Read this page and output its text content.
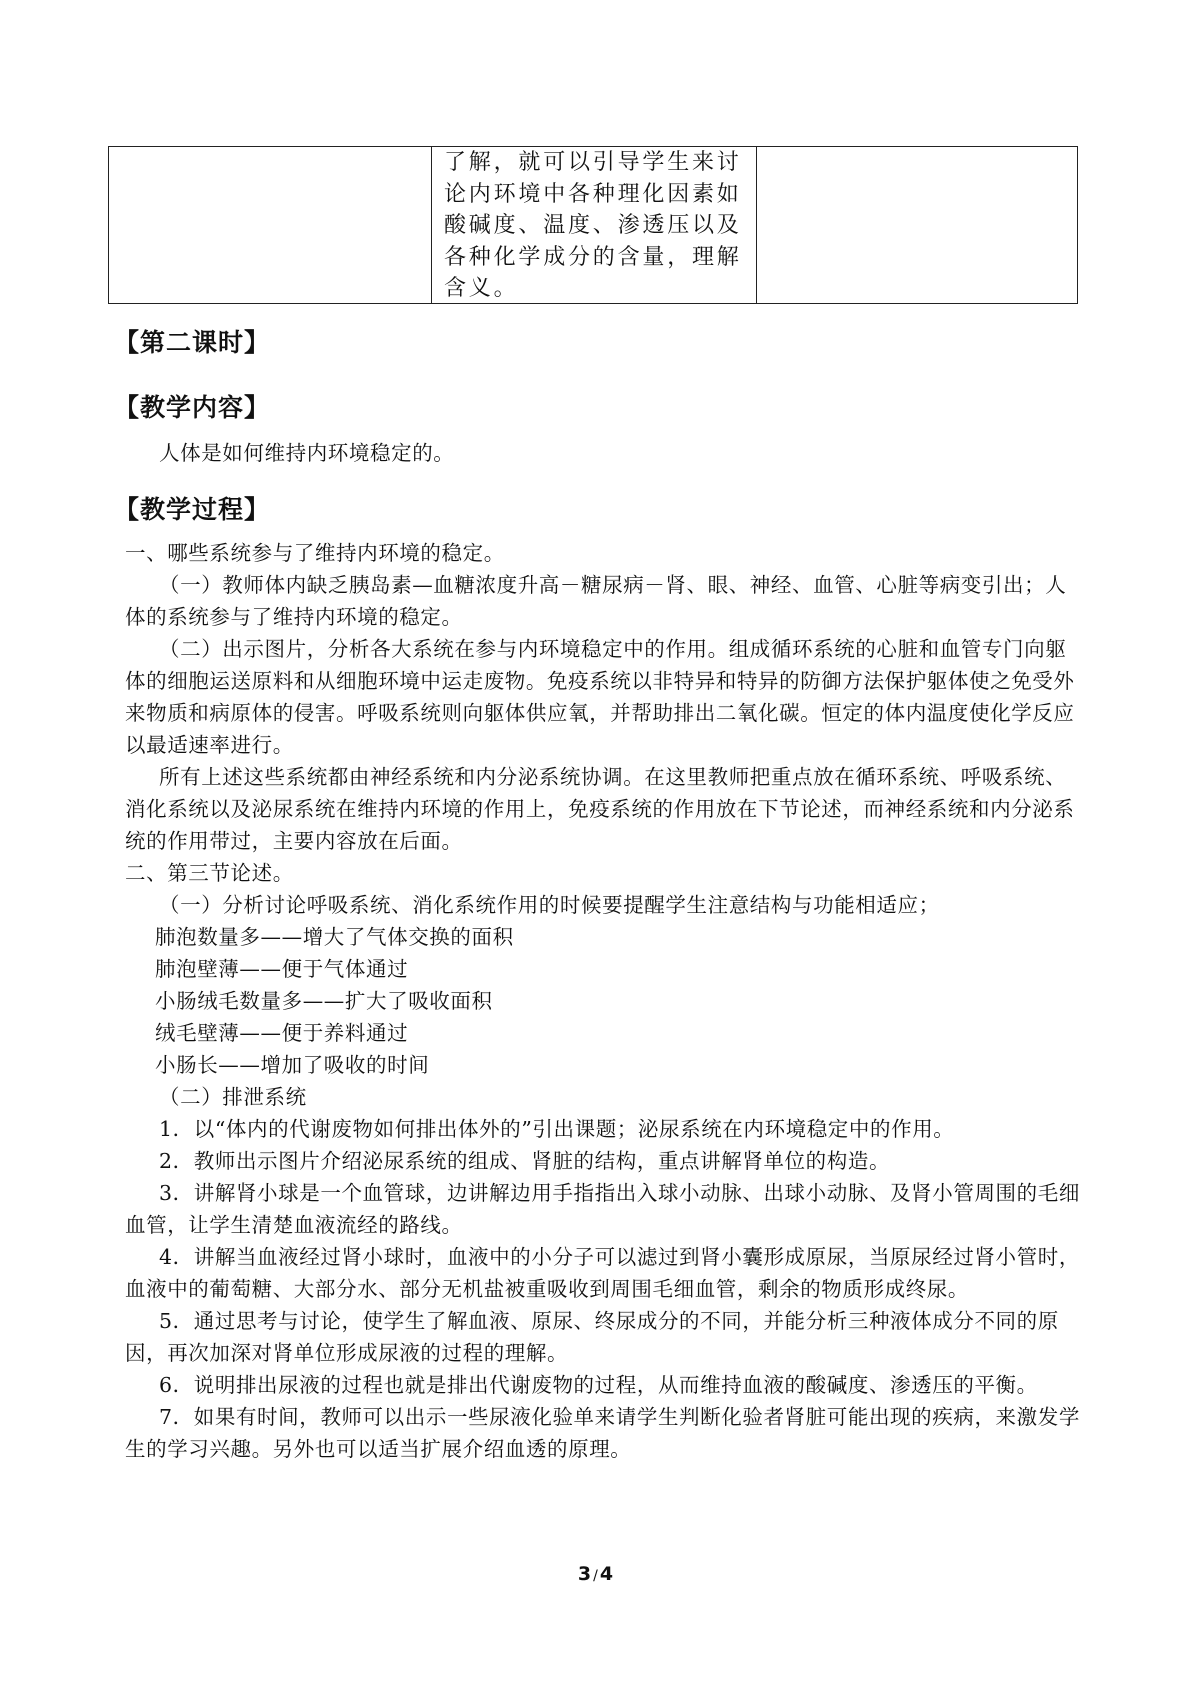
了解，就可以引导学生来讨
论内环境中各种理化因素如
酸碱度、温度、渗透压以及
各种化学成分的含量，理解
含义。
【第二课时】
【教学内容】

人体是如何维持内环境稳定的。

【教学过程】

一、哪些系统参与了维持内环境的稳定。

（一）教师体内缺乏胰岛素—血糖浓度升高－糖尿病－肾、眼、神经、血管、心脏等病变引出；人体的系统参与了维持内环境的稳定。

（二）出示图片，分析各大系统在参与内环境稳定中的作用。组成循环系统的心脏和血管专门向躯体的细胞运送原料和从细胞环境中运走废物。免疫系统以非特异和特异的防御方法保护躯体使之免受外来物质和病原体的侵害。呼吸系统则向躯体供应氧，并帮助排出二氧化碳。恒定的体内温度使化学反应以最适速率进行。

所有上述这些系统都由神经系统和内分泌系统协调。在这里教师把重点放在循环系统、呼吸系统、消化系统以及泌尿系统在维持内环境的作用上，免疫系统的作用放在下节论述，而神经系统和内分泌系统的作用带过，主要内容放在后面。

二、第三节论述。

（一）分析讨论呼吸系统、消化系统作用的时候要提醒学生注意结构与功能相适应；

肺泡数量多——增大了气体交换的面积

肺泡壁薄——便于气体通过

小肠绒毛数量多——扩大了吸收面积

绒毛壁薄——便于养料通过

小肠长——增加了吸收的时间

（二）排泄系统

1．以“体内的代谢废物如何排出体外的”引出课题；泌尿系统在内环境稳定中的作用。

2．教师出示图片介绍泌尿系统的组成、肾脏的结构，重点讲解肾单位的构造。

3．讲解肾小球是一个血管球，边讲解边用手指指出入球小动脉、出球小动脉、及肾小管周围的毛细血管，让学生清楚血液流经的路线。

4．讲解当血液经过肾小球时，血液中的小分子可以滤过到肾小囊形成原尿，当原尿经过肾小管时，血液中的葡萄糖、大部分水、部分无机盐被重吸收到周围毛细血管，剩余的物质形成终尿。

5．通过思考与讨论，使学生了解血液、原尿、终尿成分的不同，并能分析三种液体成分不同的原因，再次加深对肾单位形成尿液的过程的理解。

6．说明排出尿液的过程也就是排出代谢废物的过程，从而维持血液的酸碱度、渗透压的平衡。

7．如果有时间，教师可以出示一些尿液化验单来请学生判断化验者肾脏可能出现的疾病，来激发学生的学习兴趣。另外也可以适当扩展介绍血透的原理。

3 / 4
